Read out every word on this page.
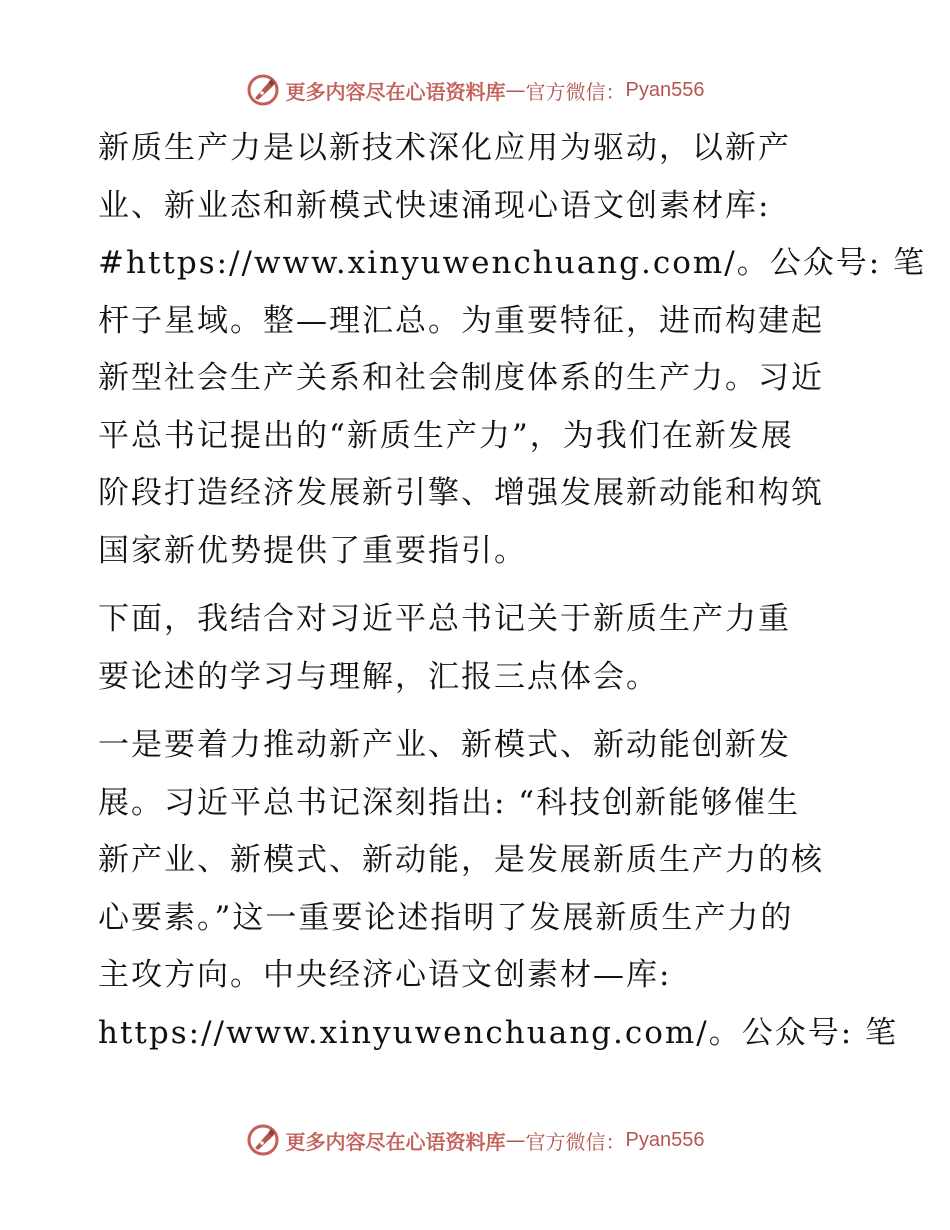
更多内容尽在心语资料库 — 官方微信： Pyan556

新质生产力是以新技术深化应用为驱动，以新产
业、新业态和新模式快速涌现心语文创素材库:
#https://www.xinyuwenchuang.com/。公众号: 笔
杆子星域。整—理汇总。为重要特征，进而构建起
新型社会生产关系和社会制度体系的生产力。习近
平总书记提出的“新质生产力”，为我们在新发展
阶段打造经济发展新引擎、增强发展新动能和构筑
国家新优势提供了重要指引。

下面，我结合对习近平总书记关于新质生产力重
要论述的学习与理解，汇报三点体会。

一是要着力推动新产业、新模式、新动能创新发
展。习近平总书记深刻指出: “科技创新能够催生
新产业、新模式、新动能，是发展新质生产力的核
心要素。”这一重要论述指明了发展新质生产力的
主攻方向。中央经济心语文创素材—库:
https://www.xinyuwenchuang.com/。公众号: 笔

更多内容尽在心语资料库 — 官方微信： Pyan556
